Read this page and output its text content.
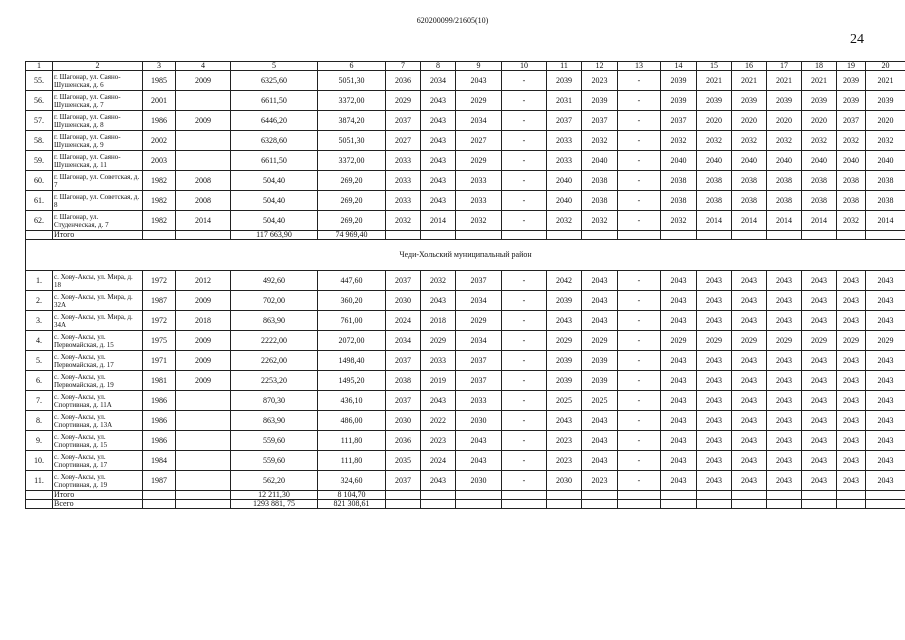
620200099/21605(10)
24
1	2	3	4	5	6	7	8	9	10	11	12	13	14	15	16	17	18	19	20
55.	г. Шагонар, ул. Саяно-Шушенская, д. 6	1985	2009	6325,60	5051,30	2036	2034	2043	-	2039	2023	-	2039	2021	2021	2021	2021	2039	2021
56.	г. Шагонар, ул. Саяно-Шушенская, д. 7	2001		6611,50	3372,00	2029	2043	2029	-	2031	2039	-	2039	2039	2039	2039	2039	2039	2039
57.	г. Шагонар, ул. Саяно-Шушенская, д. 8	1986	2009	6446,20	3874,20	2037	2043	2034	-	2037	2037	-	2037	2020	2020	2020	2020	2037	2020
58.	г. Шагонар, ул. Саяно-Шушенская, д. 9	2002		6328,60	5051,30	2027	2043	2027	-	2033	2032	-	2032	2032	2032	2032	2032	2032	2032
59.	г. Шагонар, ул. Саяно-Шушенская, д. 11	2003		6611,50	3372,00	2033	2043	2029	-	2033	2040	-	2040	2040	2040	2040	2040	2040	2040
60.	г. Шагонар, ул. Советская, д. 7	1982	2008	504,40	269,20	2033	2043	2033	-	2040	2038	-	2038	2038	2038	2038	2038	2038	2038
61.	г. Шагонар, ул. Советская, д. 8	1982	2008	504,40	269,20	2033	2043	2033	-	2040	2038	-	2038	2038	2038	2038	2038	2038	2038
62.	г. Шагонар, ул. Студенческая, д. 7	1982	2014	504,40	269,20	2032	2014	2032	-	2032	2032	-	2032	2014	2014	2014	2014	2032	2014
	Итого			117 663,90	74 969,40														
Чеди-Хольский муниципальный район																			
1.	с. Хову-Аксы, ул. Мира, д. 18	1972	2012	492,60	447,60	2037	2032	2037	-	2042	2043	-	2043	2043	2043	2043	2043	2043	2043
2.	с. Хову-Аксы, ул. Мира, д. 32А	1987	2009	702,00	360,20	2030	2043	2034	-	2039	2043	-	2043	2043	2043	2043	2043	2043	2043
3.	с. Хову-Аксы, ул. Мира, д. 34А	1972	2018	863,90	761,00	2024	2018	2029	-	2043	2043	-	2043	2043	2043	2043	2043	2043	2043
4.	с. Хову-Аксы, ул. Первомайская, д. 15	1975	2009	2222,00	2072,00	2034	2029	2034	-	2029	2029	-	2029	2029	2029	2029	2029	2029	2029
5.	с. Хову-Аксы, ул. Первомайская, д. 17	1971	2009	2262,00	1498,40	2037	2033	2037	-	2039	2039	-	2043	2043	2043	2043	2043	2043	2043
6.	с. Хову-Аксы, ул. Первомайская, д. 19	1981	2009	2253,20	1495,20	2038	2019	2037	-	2039	2039	-	2043	2043	2043	2043	2043	2043	2043
7.	с. Хову-Аксы, ул. Спортивная, д. 11А	1986		870,30	436,10	2037	2043	2033	-	2025	2025	-	2043	2043	2043	2043	2043	2043	2043
8.	с. Хову-Аксы, ул. Спортивная, д. 13А	1986		863,90	486,00	2030	2022	2030	-	2043	2043	-	2043	2043	2043	2043	2043	2043	2043
9.	с. Хову-Аксы, ул. Спортивная, д. 15	1986		559,60	111,80	2036	2023	2043	-	2023	2043	-	2043	2043	2043	2043	2043	2043	2043
10.	с. Хову-Аксы, ул. Спортивная, д. 17	1984		559,60	111,80	2035	2024	2043	-	2023	2043	-	2043	2043	2043	2043	2043	2043	2043
11.	с. Хову-Аксы, ул. Спортивная, д. 19	1987		562,20	324,60	2037	2043	2030	-	2030	2023	-	2043	2043	2043	2043	2043	2043	2043
	Итого			12 211,30	8 104,70														
	Всего			1293 881, 75	821 308,61														
